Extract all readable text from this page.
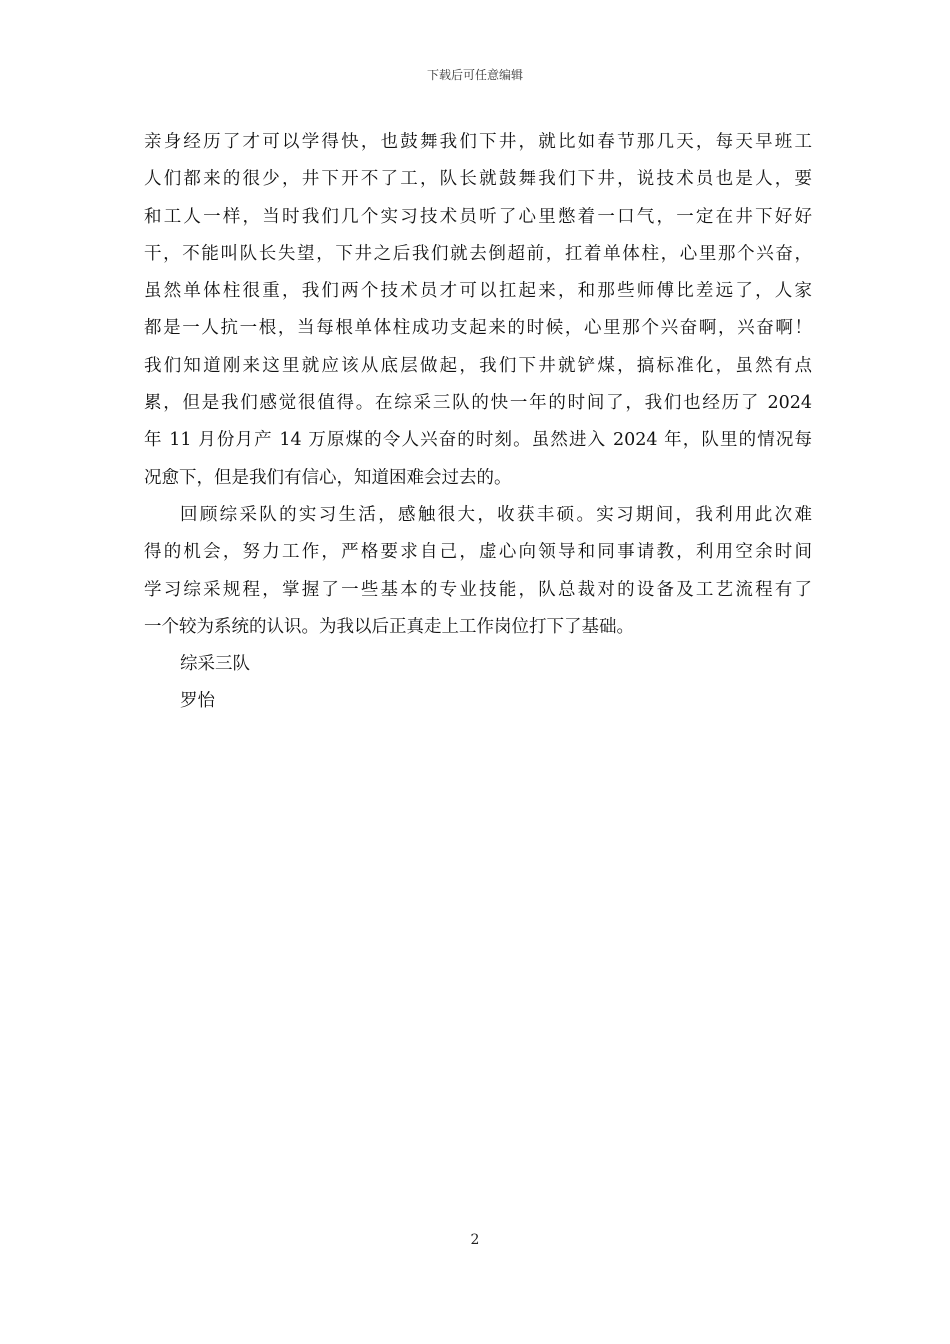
下载后可任意编辑
亲身经历了才可以学得快，也鼓舞我们下井，就比如春节那几天，每天早班工
人们都来的很少，井下开不了工，队长就鼓舞我们下井，说技术员也是人，要
和工人一样，当时我们几个实习技术员听了心里憋着一口气，一定在井下好好
干，不能叫队长失望，下井之后我们就去倒超前，扛着单体柱，心里那个兴奋，
虽然单体柱很重，我们两个技术员才可以扛起来，和那些师傅比差远了，人家
都是一人抗一根，当每根单体柱成功支起来的时候，心里那个兴奋啊，兴奋啊！
我们知道刚来这里就应该从底层做起，我们下井就铲煤，搞标准化，虽然有点
累，但是我们感觉很值得。在综采三队的快一年的时间了，我们也经历了 2024
年 11 月份月产 14 万原煤的令人兴奋的时刻。虽然进入 2024 年，队里的情况每
况愈下，但是我们有信心，知道困难会过去的。
回顾综采队的实习生活，感触很大，收获丰硕。实习期间，我利用此次难
得的机会，努力工作，严格要求自己，虚心向领导和同事请教，利用空余时间
学习综采规程，掌握了一些基本的专业技能，队总裁对的设备及工艺流程有了
一个较为系统的认识。为我以后正真走上工作岗位打下了基础。
综采三队
罗怡
2
